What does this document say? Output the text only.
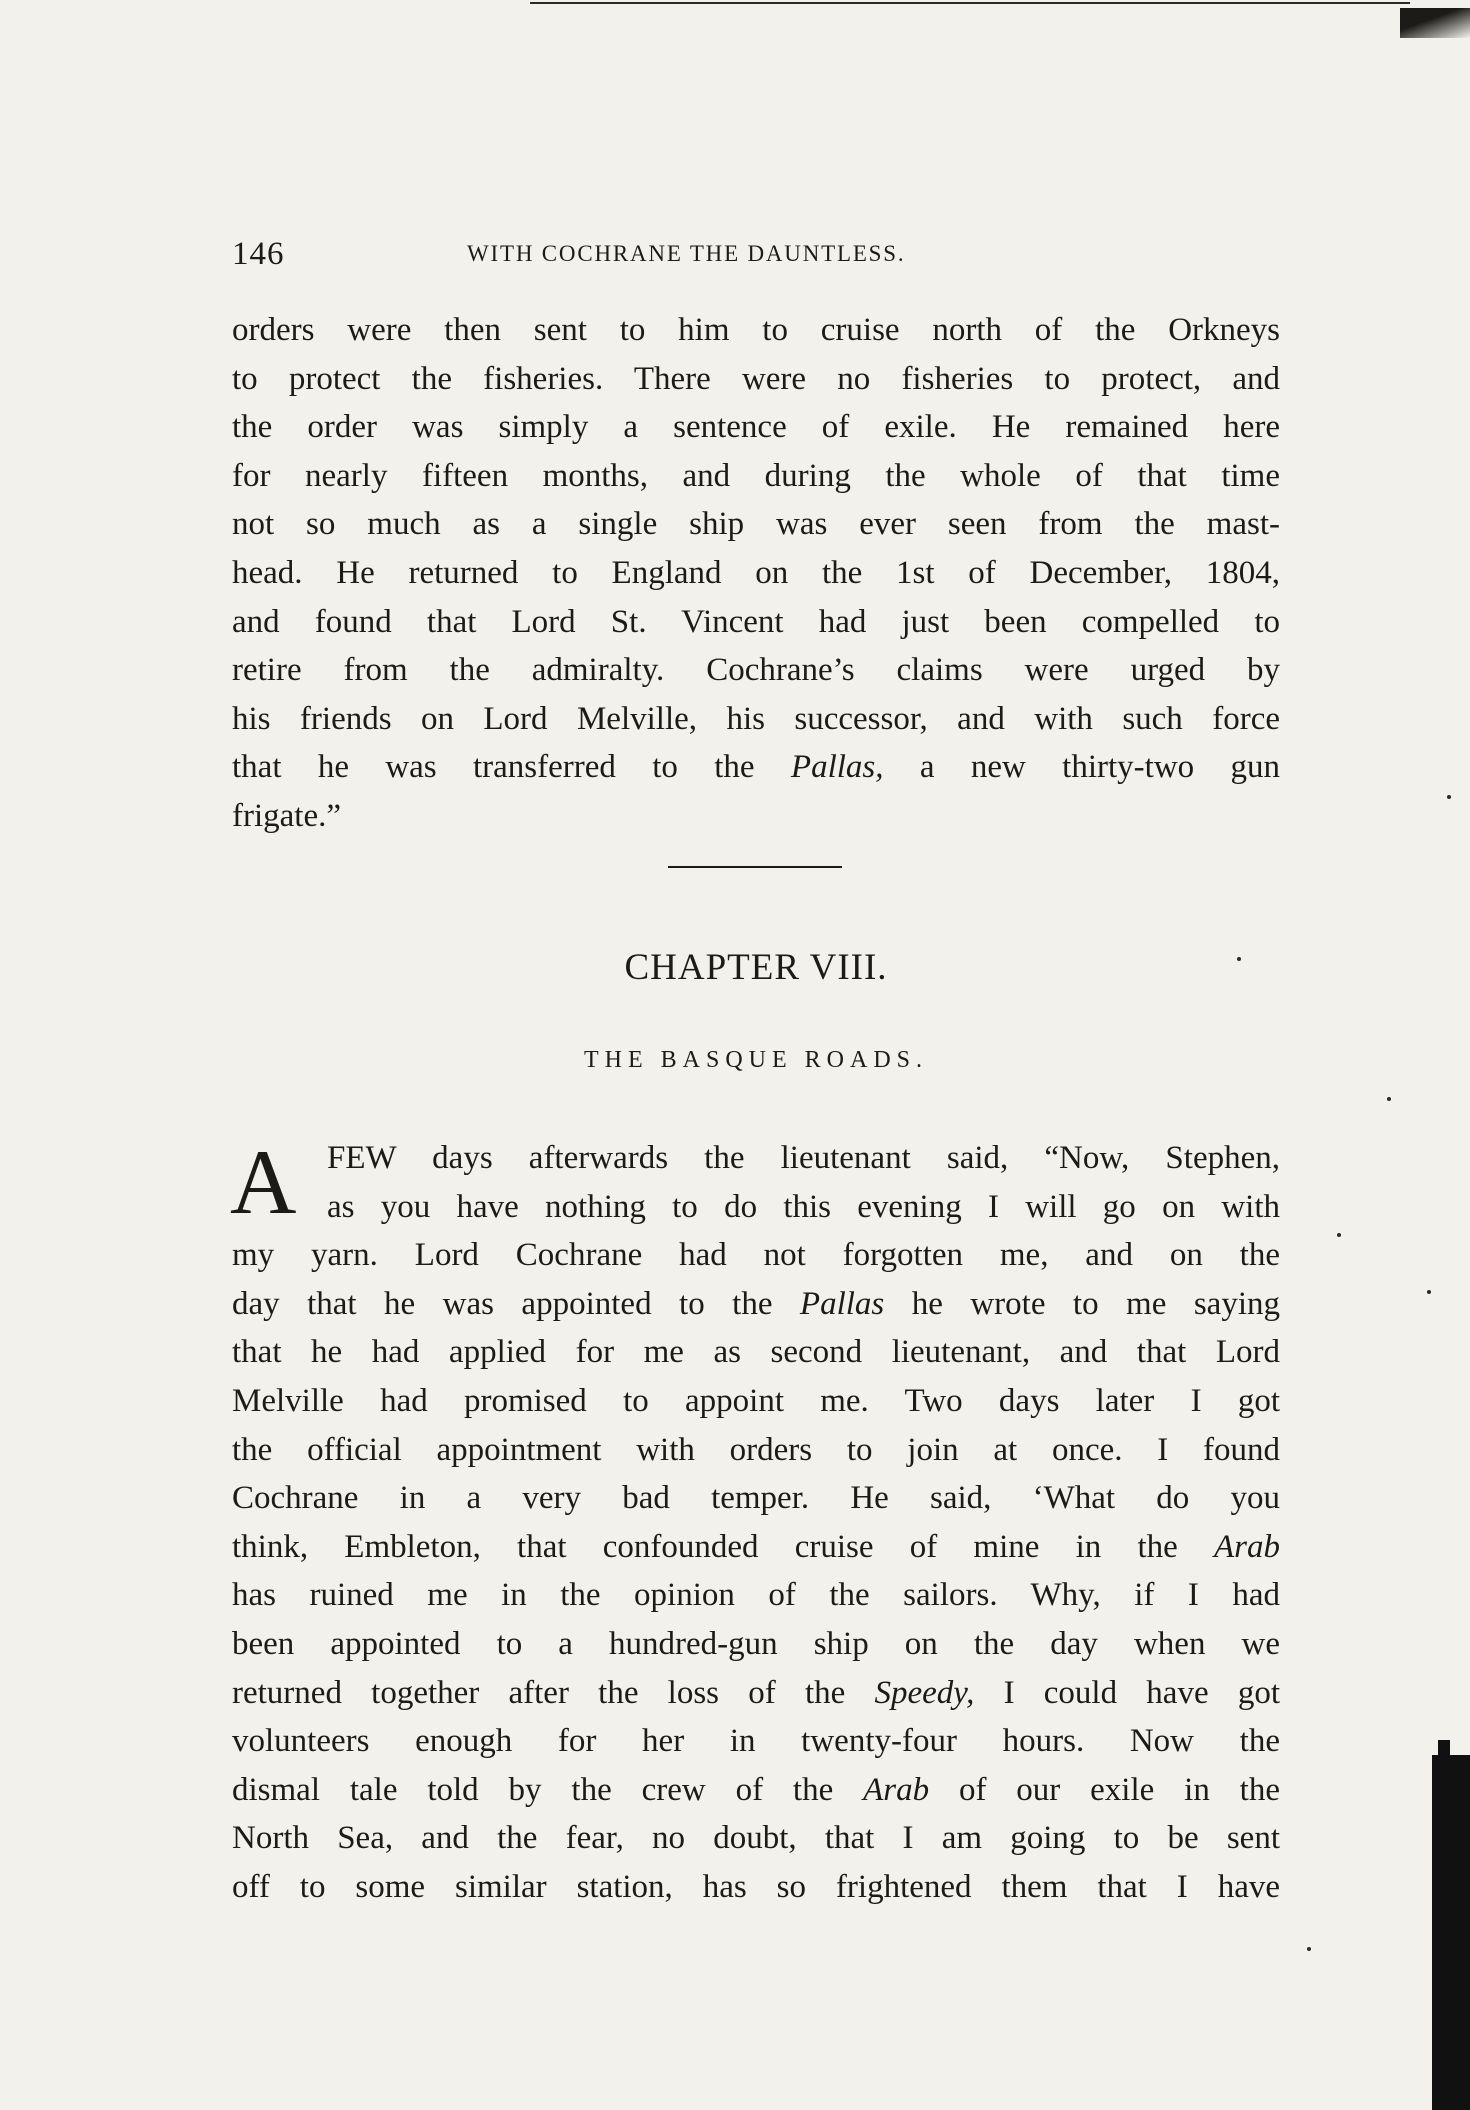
146	WITH COCHRANE THE DAUNTLESS.
orders were then sent to him to cruise north of the Orkneys
to protect the fisheries. There were no fisheries to protect, and
the order was simply a sentence of exile. He remained here
for nearly fifteen months, and during the whole of that time
not so much as a single ship was ever seen from the mast-
head. He returned to England on the 1st of December, 1804,
and found that Lord St. Vincent had just been compelled to
retire from the admiralty. Cochrane’s claims were urged by
his friends on Lord Melville, his successor, and with such force
that he was transferred to the Pallas, a new thirty-two gun
frigate.”
CHAPTER VIII.
THE BASQUE ROADS.
A FEW days afterwards the lieutenant said, “Now, Stephen,
as you have nothing to do this evening I will go on with
my yarn. Lord Cochrane had not forgotten me, and on the
day that he was appointed to the Pallas he wrote to me saying
that he had applied for me as second lieutenant, and that Lord
Melville had promised to appoint me. Two days later I got
the official appointment with orders to join at once. I found
Cochrane in a very bad temper. He said, ‘What do you
think, Embleton, that confounded cruise of mine in the Arab
has ruined me in the opinion of the sailors. Why, if I had
been appointed to a hundred-gun ship on the day when we
returned together after the loss of the Speedy, I could have got
volunteers enough for her in twenty-four hours. Now the
dismal tale told by the crew of the Arab of our exile in the
North Sea, and the fear, no doubt, that I am going to be sent
off to some similar station, has so frightened them that I have
